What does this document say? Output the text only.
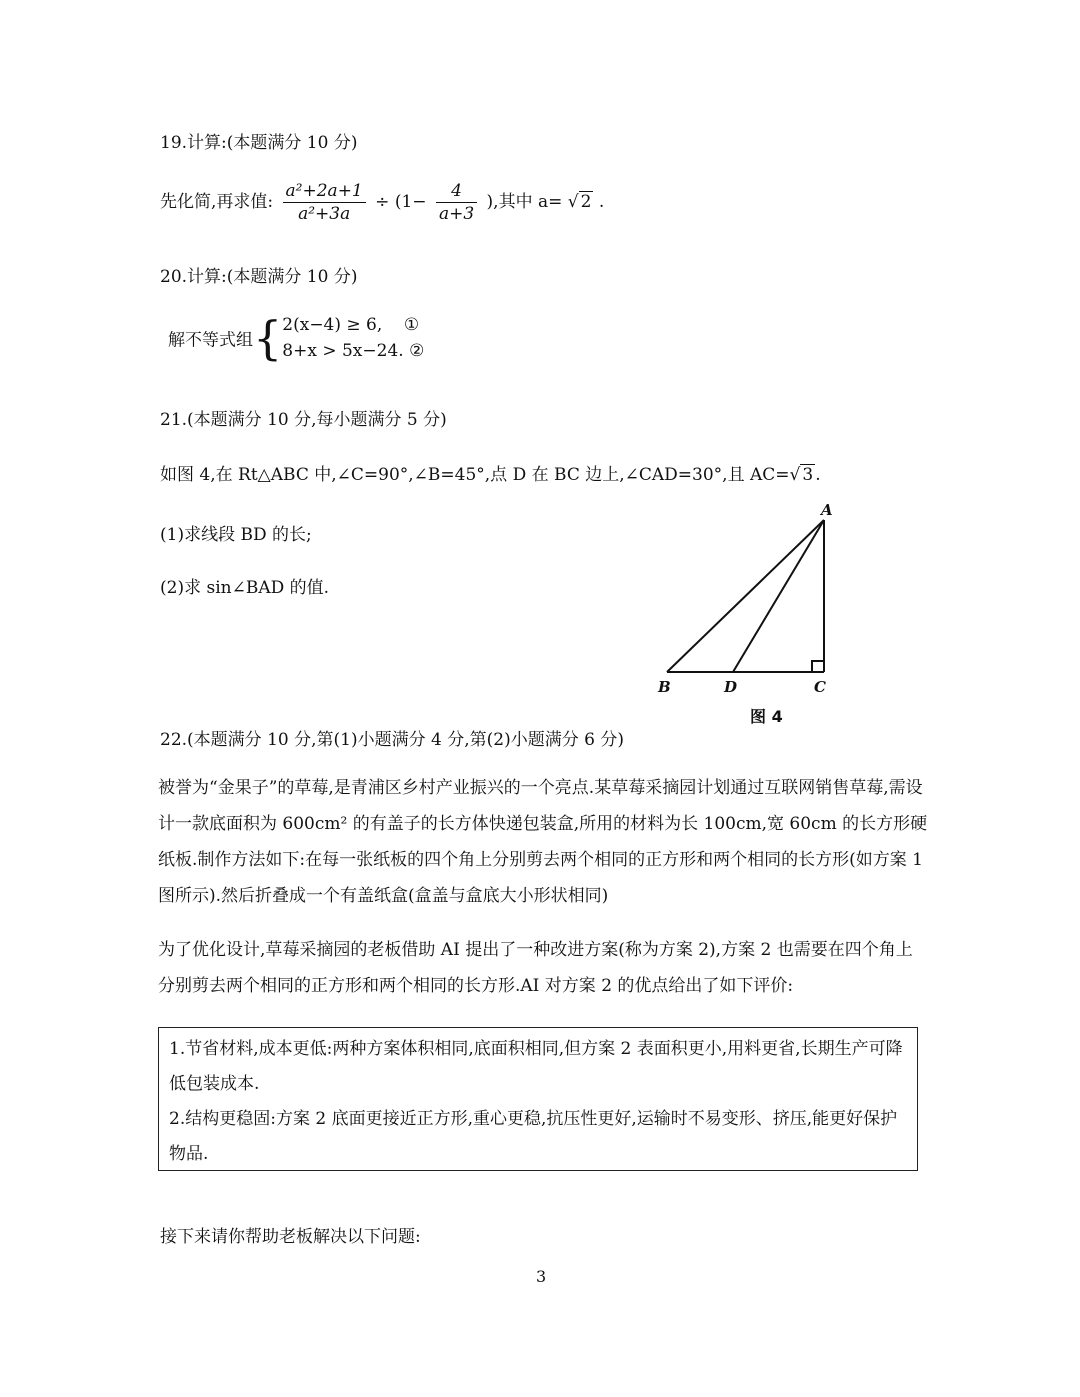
19.计算:(本题满分 10 分)
先化简,再求值: $\frac{\text{a²+2a+1}}{\text{a²+3a}} \div (1- \frac{4}{a+3}$ ),其中 a= √ 2 .
20.计算:(本题满分 10 分)
解不等式组{ 2(x−4) ≥ 6, ①
8+x > 5x−24. ②
21.(本题满分 10 分,每小题满分 5 分)
如图 4,在 Rt△ABC 中,∠C=90°,∠B=45°,点 D 在 BC 边上,∠CAD=30°,且 AC=√ 3 .
(1)求线段 BD 的长;
(2)求 sin∠BAD 的值.
A
B	D	C
图 4
22.(本题满分 10 分,第(1)小题满分 4 分,第(2)小题满分 6 分)
被誉为“金果子”的草莓,是青浦区乡村产业振兴的一个亮点.某草莓采摘园计划通过互联网销售草莓,需设计一款底面积为 600cm² 的有盖子的长方体快递包装盒,所用的材料为长 100cm,宽 60cm 的长方形硬纸板.制作方法如下:在每一张纸板的四个角上分别剪去两个相同的正方形和两个相同的长方形(如方案 1 图所示).然后折叠成一个有盖纸盒(盒盖与盒底大小形状相同)
为了优化设计,草莓采摘园的老板借助 AI 提出了一种改进方案(称为方案 2),方案 2 也需要在四个角上分别剪去两个相同的正方形和两个相同的长方形.AI 对方案 2 的优点给出了如下评价:
1.节省材料,成本更低:两种方案体积相同,底面积相同,但方案 2 表面积更小,用料更省,长期生产可降低包装成本.
2.结构更稳固:方案 2 底面更接近正方形,重心更稳,抗压性更好,运输时不易变形、挤压,能更好保护物品.
接下来请你帮助老板解决以下问题:
3
